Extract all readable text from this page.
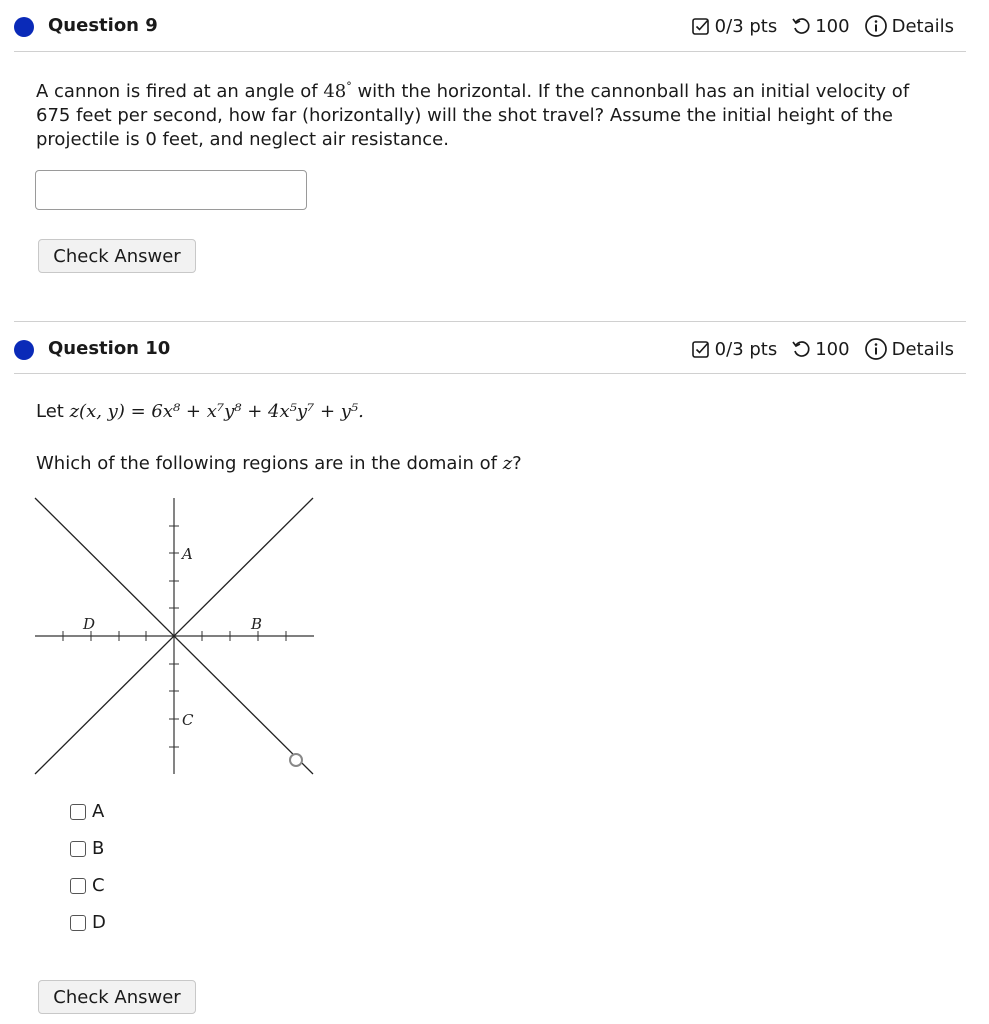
Question 9	0/3 pts 100 Details
A cannon is fired at an angle of 48° with the horizontal. If the cannonball has an initial velocity of
675 feet per second, how far (horizontally) will the shot travel? Assume the initial height of the
projectile is 0 feet, and neglect air resistance.
Check Answer
Question 10	0/3 pts 100 Details
Let z(x, y) = 6x⁸ + x⁷y⁸ + 4x⁵y⁷ + y⁵.
Which of the following regions are in the domain of z?
A
B
C
D
A
B
C
D
Check Answer
